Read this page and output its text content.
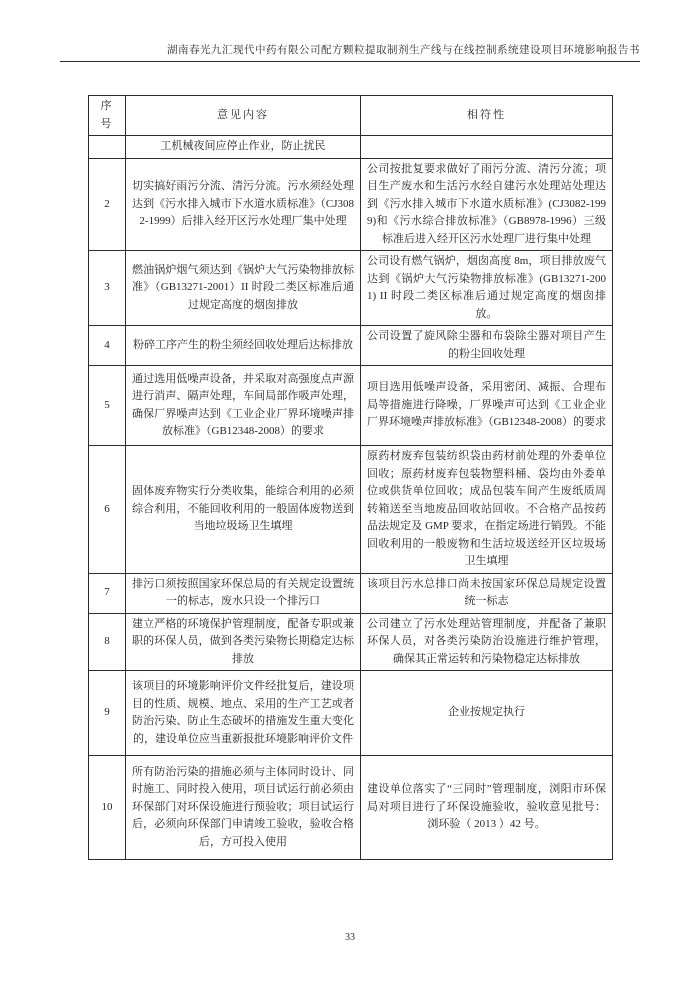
湖南春光九汇现代中药有限公司配方颗粒提取制剂生产线与在线控制系统建设项目环境影响报告书
序号	意见内容	相符性
	工机械夜间应停止作业，防止扰民	
2	切实搞好雨污分流、清污分流。污水须经处理达到《污水排入城市下水道水质标准》（CJ3082-1999）后排入经开区污水处理厂集中处理	公司按批复要求做好了雨污分流、清污分流；项目生产废水和生活污水经自建污水处理站处理达到《污水排入城市下水道水质标准》(CJ3082-1999)和《污水综合排放标准》（GB8978-1996）三级标准后进入经开区污水处理厂进行集中处理
3	燃油锅炉烟气须达到《锅炉大气污染物排放标准》（GB13271-2001）II 时段二类区标准后通过规定高度的烟囱排放	公司设有燃气锅炉，烟囱高度 8m，项目排放废气达到《锅炉大气污染物排放标准》(GB13271-2001) II 时段二类区标准后通过规定高度的烟囱排放。
4	粉碎工序产生的粉尘须经回收处理后达标排放	公司设置了旋风除尘器和布袋除尘器对项目产生的粉尘回收处理
5	通过选用低噪声设备，并采取对高强度点声源进行消声、隔声处理，车间局部作吸声处理，确保厂界噪声达到《工业企业厂界环境噪声排放标准》（GB12348-2008）的要求	项目选用低噪声设备，采用密闭、减振、合理布局等措施进行降噪，厂界噪声可达到《工业企业厂界环境噪声排放标准》（GB12348-2008）的要求
6	固体废弃物实行分类收集，能综合利用的必须综合利用，不能回收利用的一般固体废物送到当地垃圾场卫生填埋	原药材废弃包装纺织袋由药材前处理的外委单位回收；原药材废弃包装物塑料桶、袋均由外委单位或供货单位回收；成品包装车间产生废纸质周转箱送至当地废品回收站回收。不合格产品按药品法规定及 GMP 要求，在指定场进行销毁。不能回收利用的一般废物和生活垃圾送经开区垃圾场卫生填埋
7	排污口须按照国家环保总局的有关规定设置统一的标志，废水只设一个排污口	该项目污水总排口尚未按国家环保总局规定设置统一标志
8	建立严格的环境保护管理制度，配备专职或兼职的环保人员，做到各类污染物长期稳定达标排放	公司建立了污水处理站管理制度，并配备了兼职环保人员，对各类污染防治设施进行维护管理，确保其正常运转和污染物稳定达标排放
9	该项目的环境影响评价文件经批复后，建设项目的性质、规模、地点、采用的生产工艺或者防治污染、防止生态破坏的措施发生重大变化的，建设单位应当重新报批环境影响评价文件	企业按规定执行
10	所有防治污染的措施必须与主体同时设计、同时施工、同时投入使用，项目试运行前必须由环保部门对环保设施进行预验收；项目试运行后，必须向环保部门申请竣工验收，验收合格后，方可投入使用	建设单位落实了“三同时”管理制度，浏阳市环保局对项目进行了环保设施验收，验收意见批号：浏环验（ 2013 ）42 号。
33
